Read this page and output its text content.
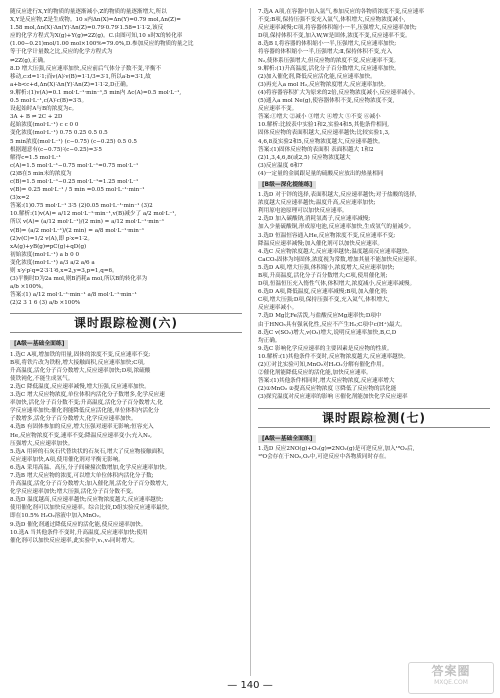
随反应进行X,Y的物质的量逐渐减小,Z的物质的量逐渐增大,所以
X,Y是反应物,Z是生成物。10 s内Δn(X)=Δn(Y)=0.79 mol,Δn(Z)=
1.58 mol,Δn(X)∶Δn(Y)∶Δn(Z)=0.79∶0.79∶1.58=1∶1∶2,该反
应的化学方程式为X(g)+Y(g)⇌2Z(g)。C.由图可知,10 s时X的转化率
(1.00−0.21)mol/1.00 mol×100%=79.0%,D.参加反应的物质的量之比
等于化学计量数之比,反应的化学方程式为
⇌2Z(g),正确。
8.D 增大压强,反应速率加快,反应前后气体分子数不变,平衡不
移动,c:d=1∶1;而v(A)∶v(B)=1∶1/3=3∶1,所以a∶b=3∶1,故
a+b<c+d,Δn(X)∶Δn(Y)∶Δn(Z)=1∶1∶2,D正确。
9.解析:(1)v(A)=0.1 mol·L⁻¹·min⁻¹,5 min内 Δc(A)=0.5 mol·L⁻¹,
0.5 mol·L⁻¹,c(A)∶c(B)=3∶5。
设起始时A与B的浓度为c。
3A + B ⇌ 2C + 2D
起始浓度(mol·L⁻¹) c c 0 0
变化浓度(mol·L⁻¹) 0.75 0.25 0.5 0.5
5 min浓度(mol·L⁻¹) (c−0.75) (c−0.25) 0.5 0.5
根据题意有(c−0.75)∶(c−0.25)=3∶5
解得c=1.5 mol·L⁻¹
c(A)=1.5 mol·L⁻¹−0.75 mol·L⁻¹=0.75 mol·L⁻¹
(2)B在5 min末的浓度为
c(B)=1.5 mol·L⁻¹−0.25 mol·L⁻¹=1.25 mol·L⁻¹
v(B)= 0.25 mol·L⁻¹ / 5 min =0.05 mol·L⁻¹·min⁻¹
(3)x=2
答案:(1)0.75 mol·L⁻¹ 3∶5 (2)0.05 mol·L⁻¹·min⁻¹ (3)2
10.解析:(1)v(A)= a/12 mol·L⁻¹·min⁻¹,v(B)减少了 a/2 mol·L⁻¹,
所以 v(A)= (a/12 mol·L⁻¹)/(2 min) = a/12 mol·L⁻¹·min⁻¹
v(B)= (a/2 mol·L⁻¹)/(2 min) = a/8 mol·L⁻¹·min⁻¹
(2)v(C)=1/2 v(A),即 p∶x=1∶2。
xA(g)+yB(g)⇌pC(g)+qD(g)
初始浓度(mol·L⁻¹) a b 0 0
变化浓度(mol·L⁻¹) a/3 a/2 a/6 a
则 x∶y∶p∶q=2∶3∶1∶6,x=2,y=3,p=1,q=6。
(3)平衡时D为2a mol,则B消耗a mol,所以B的转化率为
a/b ×100%。
答案:(1) a/12 mol·L⁻¹·min⁻¹ a/8 mol·L⁻¹·min⁻¹
(2)2 3 1 6 (3) a/b ×100%
课时跟踪检测(六)
[A级—基础全面练]
1.选C A项,增加铁的用量,固体的浓度不变,反应速率不变;
B项,将铁片改为铁粉,增大接触面积,反应速率加快;C项,
升高温度,活化分子百分数增大,反应速率加快;D项,浓硫酸
使铁钝化,不能生成氢气。
2.选C 降低温度,反应速率减慢,增大压强,反应速率加快。
3.选C 增大反应物浓度,单位体积内活化分子数增多,化学反应速
率加快,活化分子百分数不变;升高温度,活化分子百分数增大,化
学反应速率加快;催化剂能降低反应活化能,单位体积内活化分
子数增多,活化分子百分数增大,化学反应速率加快。
4.选B 有固体参加的反应,增大压强对速率无影响;恒容充入
He,反应物浓度不变,速率不变;降温反应速率变小;充入N₂,
压强增大,反应速率加快。
5.选A 用碎的石灰石代替块状的石灰石,增大了反应物接触面积,
反应速率加快,A项,使用催化剂对平衡无影响。
6.选A 采用高温、高压,分子间碰撞次数增加,化学反应速率加快。
7.选B 增大反应物的浓度,可以增大单位体积内活化分子数;
升高温度,活化分子百分数增大;加入催化剂,活化分子百分数增大,
化学反应速率加快;增大压强,活化分子百分数不变。
8.选D 温度越高,反应速率越快;反应物浓度越大,反应速率越快;
使用催化剂可以加快反应速率。综合比较,D组实验反应速率最快,
即在10.5% H₂O₂溶液中加入MnO₂。
9.选D 催化剂通过降低反应的活化能,使反应速率加快。
10.选A 当其他条件不变时,升高温度,反应速率加快;使用
催化剂可以加快反应速率,此实验中,v₁,v₂同时增大。
7.选A A项,在容器中加入氩气,参加反应的各物质浓度不变,反应速率
不变;B项,保持压强不变充入氩气,体积增大,反应物浓度减小,
反应速率减慢;C项,将容器体积缩小一半,压强增大,反应速率加快;
D项,保持体积不变,加入W,W是固体,浓度不变,反应速率不变。
8.选B Ⅰ,将容器的体积缩小一半,压强增大,反应速率加快;
将容器的体积缩小一半,压强增大;Ⅱ,保持体积不变,充入
N₂,使体系压强增大,但反应物的浓度不变,反应速率不变。
9.解析:(1)升高温度,活化分子百分数增大,反应速率加快。
(2)加入催化剂,降低反应活化能,反应速率加快。
(3)再充入a mol H₂,反应物浓度增大,反应速率加快。
(4)将容器容积扩大为原来的2倍,反应物浓度减小,反应速率减小。
(5)通入a mol Ne(g),使容器体积不变,反应物浓度不变,
反应速率不变。
答案:①增大 ②减小 ③增大 ④增大 ⑤不变 ⑥减小
10.解析:比较表中实验1和2,实验4和5,其他条件相同,
固体反应物的表面积越大,反应速率越快;比较实验1,3,
4,6,8及实验2和5,反应物浓度越大,反应速率越快。
答案:(1)固体反应物的表面积 表面积越大 1和2
(2)1,3,4,6,8(或2,5) 反应物浓度越大
(3)反应温度 6和7
(4)一定量的金属跟足量的硫酸反应放出的热量相同
[B级—深化提能练]
1.选D 对于锌的选择,表面积越大,反应速率越快;对于盐酸的选择,
浓度越大反应速率越快;温度升高,反应速率加快;
利用原电池原理可以加快反应速率。
2.选D 加入碳酸钠,消耗氢离子,反应速率减慢;
加入少量硫酸铜,形成原电池,反应速率加快,生成氢气的量减少。
3.选D 恒温恒容通入He,反应物浓度不变,反应速率不变;
降温反应速率减慢;加入催化剂可以加快反应速率。
4.选C 反应物浓度越大,反应速率越快;温度越高反应速率越快。
CaCO₃固体为纯固体,浓度视为常数,增加其量不能加快反应速率。
5.选D A项,增大压强,体积缩小,浓度增大,反应速率加快;
B项,升高温度,活化分子百分数增大;C项,使用催化剂;
D项,恒温恒压充入惰性气体,体积增大,浓度减小,反应速率减慢。
6.选D A项,降低温度,反应速率减慢;B项,加入催化剂;
C项,增大压强;D项,保持压强不变,充入氦气,体积增大,
反应速率减小。
7.选D Mg比Fe活泼,与盐酸反应Mg速率快;D项中
由于HNO₃具有强氧化性,反应不产生H₂;C项中c(H⁺)最大。
8.选C v(SO₂)增大,v(O₂)增大,说明反应速率加快,B,C,D
均正确。
9.选C 影响化学反应速率的主要因素是反应物的性质。
10.解析:(1)其他条件不变时,反应物浓度越大,反应速率越快。
(2)①对比实验可知,MnO₂对H₂O₂分解有催化作用。
②催化剂能降低反应的活化能,加快反应速率。
答案:(1)其他条件相同时,增大反应物浓度,反应速率增大
(2)①MnO₂ ②提高反应物浓度 ③降低了反应物的活化能
(3)探究温度对反应速率的影响 ④催化剂能加快化学反应速率
课时跟踪检测(七)
[A级—基础全面练]
1.选D 反应2NO(g)+O₂(g)⇌2NO₂(g)是可逆反应,加入¹⁸O₂后,
¹⁸O会存在于NO₂,O₂中,可逆反应中各物质同时存在。
— 140 —
答案圈
MXQE.COM
